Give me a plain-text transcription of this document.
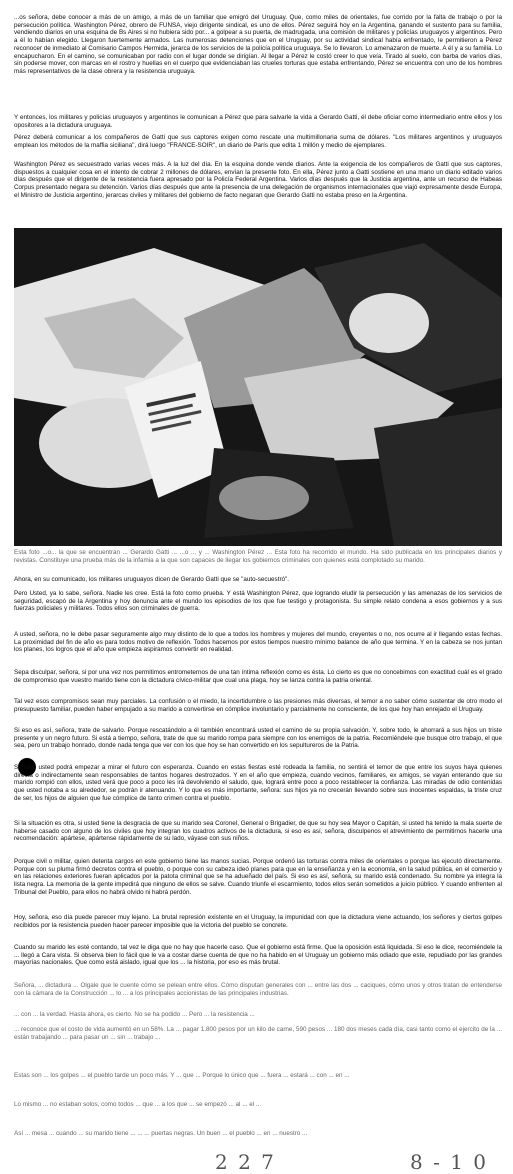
...os señora, debe conocer a más de un amigo, a más de un familiar que emigró del Uruguay. Que, como miles de orientales, fue corrido por la falta de trabajo o por la persecución política. Washington Pérez, obrero de FUNSA, viejo dirigente sindical, es uno de ellos. Pérez seguirá hoy en la Argentina, ganando el sustento para su familia, vendiendo diarios en una esquina de Bs Aires si no hubiera sido por... a golpear a su puerta, de madrugada, una comisión de militares y policías uruguayos y argentinos. Pero a él lo habían elegido. Llegaron fuertemente armados. Las numerosas detenciones que en el Uruguay, por su actividad sindical había enfrentado, le permitieron a Pérez reconocer de inmediato al Comisario Campos Hermida, jerarca de los servicios de la policía política uruguaya. Se lo llevaron. Lo amenazaron de muerte. A él y a su familia. Lo encapucharon. En el camino, se comunicaban por radio con el lugar donde se dirigían. Al llegar a Pérez le costó creer lo que veía. Tirado al suelo, con barba de varios días, sin poderse mover, con marcas en el rostro y huellas en el cuerpo que evidenciaban las crueles torturas que estaba enfrentando, Pérez se encuentra con uno de los hombres más representativos de la clase obrera y la resistencia uruguaya.

Y entonces, los militares y policías uruguayos y argentinos le comunican a Pérez que para salvarle la vida a Gerardo Gatti, él debe oficiar como intermediario entre ellos y los opositores a la dictadura uruguaya.

Pérez deberá comunicar a los compañeros de Gatti que sus captores exigen como rescate una multimillonaria suma de dólares. "Los militares argentinos y uruguayos emplean los métodos de la maffia siciliana", dirá luego "FRANCE-SOIR", un diario de París que edita 1 millón y medio de ejemplares.

Washington Pérez es secuestrado varias veces más. A la luz del día. En la esquina donde vende diarios. Ante la exigencia de los compañeros de Gatti que sus captores, dispuestos a cualquier cosa en el intento de cobrar 2 millones de dólares, envían la presente foto. En ella, Pérez junto a Gatti sostiene en una mano un diario editado varios días después que el dirigente de la resistencia fuera apresado por la Policía Federal Argentina. Varios días después que la Justicia argentina, ante un recurso de Habeas Corpus presentado negara su detención. Varios días después que ante la presencia de una delegación de organismos internacionales que viajó expresamente desde Europa, el Ministro de Justicia argentino, jerarcas civiles y militares del gobierno de facto negaran que Gerardo Gatti no estaba preso en la Argentina.

Esta foto ...o... la que se encuentran ... Gerardo Gatti ... ...o ... y ... Washington Pérez ... Esta foto ha recorrido el mundo. Ha sido publicada en los principales diarios y revistas. Constituye una prueba más de la infamia a la que son capaces de llegar los gobiernos criminales con quienes está complotado su marido.

Ahora, en su comunicado, los militares uruguayos dicen de Gerardo Gatti que se "auto-secuestró".

Pero Usted, ya lo sabe, señora. Nadie les cree. Está la foto como prueba. Y está Washington Pérez, que logrando eludir la persecución y las amenazas de los servicios de seguridad, escapó de la Argentina y hoy denuncia ante el mundo los episodios de los que fue testigo y protagonista. Su simple relato condena a esos gobiernos y a sus fuerzas policiales y militares. Todos ellos son criminales de guerra.

A usted, señora, no le debe pasar seguramente algo muy distinto de lo que a todos los hombres y mujeres del mundo, creyentes o no, nos ocurre al ir llegando estas fechas. La proximidad del fin de año es para todos motivo de reflexión. Todos hacemos por estos tiempos nuestro mínimo balance de año que termina. Y en la cabeza se nos juntan los planes, los logros que el año que empieza aspiramos convertir en realidad.

Sepa disculpar, señora, si por una vez nos permitimos entrometernos de una tan íntima reflexión como es ésta. Lo cierto es que no concebimos con exactitud cuál es el grado de compromiso que vuestro marido tiene con la dictadura cívico-militar que cual una plaga, hoy se lanza contra la patria oriental.

Tal vez esos compromisos sean muy parciales. La confusión o el miedo, la incertidumbre o las presiones más diversas, el temor a no saber cómo sustentar de otro modo el presupuesto familiar, pueden haber empujado a su marido a convertirse en cómplice involuntario y parcialmente no consciente, de los que hoy han enrejado el Uruguay.

Si eso es así, señora, trate de salvarlo. Porque rescatándolo a él también encontrará usted el camino de su propia salvación. Y, sobre todo, le ahorrará a sus hijos un triste presente y un negro futuro. Si está a tiempo, señora, trate de que su marido rompa para siempre con los enemigos de la patria. Recomiéndele que busque otro trabajo, el que sea, pero un trabajo honrado, donde nada tenga que ver con los que hoy se han convertido en los sepultureros de la Patria.

Señora, usted podrá empezar a mirar el futuro con esperanza. Cuando en estas fiestas esté rodeada la familia, no sentirá el temor de que entre los suyos haya quienes directa o indirectamente sean responsables de tantos hogares destrozados. Y en el año que empieza, cuando vecinos, familiares, ex amigos, se vayan enterando que su marido rompió con ellos, usted verá que poco a poco les irá devolviendo el saludo, que, logrará entre poco a poco restablecer la confianza. Las miradas de odio contenidas que usted notaba a su alrededor, se podrán ir atenuando. Y lo que es más importante, señora: sus hijos ya no crecerán llevando sobre sus inocentes espaldas, la triste cruz de ser, los hijos de alguien que fue cómplice de tanto crimen contra el pueblo.

Si la situación es otra, si usted tiene la desgracia de que su marido sea Coronel, General o Brigadier, de que su hoy sea Mayor o Capitán, si usted ha tenido la mala suerte de haberse casado con alguno de los civiles que hoy integran los cuadros activos de la dictadura, si eso es así, señora, disculpenos el atrevimiento de permitirnos hacerle una recomendación: apártese, apártense rápidamente de su lado, váyase con sus niños.

Porque civil o militar, quien detenta cargos en este gobierno tiene las manos sucias. Porque ordenó las torturas contra miles de orientales o porque las ejecutó directamente. Porque con su pluma firmó decretos contra el pueblo, o porque con su cabeza ideó planes para que en la enseñanza y en la economía, en la salud pública, en el comercio y en las relaciones exteriores fueran aplicados por la patota criminal que se ha adueñado del país. Si eso es así, señora, su marido está condenado. Su nombre ya integra la lista negra. La memoria de la gente impedirá que ninguno de ellos se salve. Cuando triunfe el escarmiento, todos ellos serán sometidos a juicio público. Y cuando enfrenten al Tribunal del Pueblo, para ellos no habrá olvido ni habrá perdón.

Hoy, señora, eso día puede parecer muy lejano. La brutal represión existente en el Uruguay, la impunidad con que la dictadura viene actuando, los señores y ciertos golpes recibidos por la resistencia pueden hacer parecer imposible que la victoria del pueblo se concrete.

Cuando su marido les esté contando, tal vez le diga que no hay que hacerle caso. Que el gobierno está firme. Que la oposición está liquidada. Si eso le dice, recomiéndele la ... llegó a Cara vista. Si observa bien lo fácil que le va a costar darse cuenta de que no ha habido en el Uruguay un gobierno más odiado que este, repudiado por las grandes mayorías nacionales. Que como está aislado, igual que los ... la historia, por eso es más brutal.

Señora, ... dictadura ... Olgale que le cuente cómo se pelean entre ellos. Cómo disputan generales con ... entre las dos ... caciques, cómo unos y otros tratan de entenderse con la cámara de la Construcción ... lo ... a los principales accionistas de las principales industrias.

... con ... la verdad. Hasta ahora, es cierto. No se ha podido ... Pero ... la resistencia ...

... reconoce que el costo de vida aumentó en un 58%. La ... pagar 1.800 pesos por un kilo de carne, 590 pesos ... 180 dos meses cada día, casi tanto como el ejercito de la ... están trabajando ... para pasar un ... sin ... trabajo ...

Estas son ... los golpes ... el pueblo tarde un poco más. Y ... que ... Porque lo único que ... fuera ... estará ... con ... en ...

Lo mismo ... no estaban solos, como todos ... que ... a los que ... se empezó ... al ... el ...

Así ... mesa ... cuando ... su marido tiene ... ... ... puertas negras. Un buen ... el pueblo ... en ... nuestro ...

2 2 7	8 - 1 0
